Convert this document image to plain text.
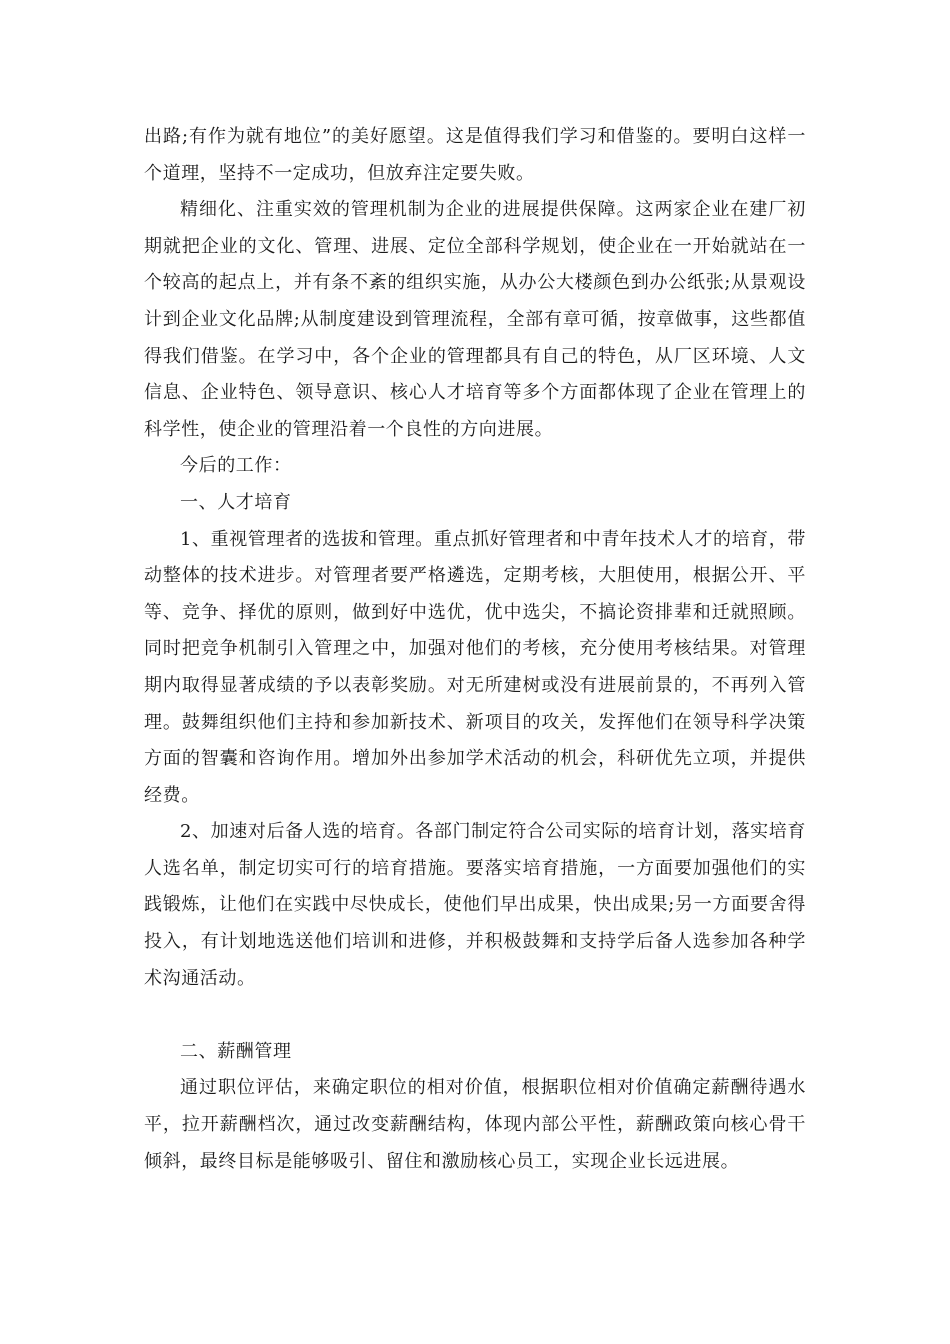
出路;有作为就有地位”的美好愿望。这是值得我们学习和借鉴的。要明白这样一个道理，坚持不一定成功，但放弃注定要失败。

精细化、注重实效的管理机制为企业的进展提供保障。这两家企业在建厂初期就把企业的文化、管理、进展、定位全部科学规划，使企业在一开始就站在一个较高的起点上，并有条不紊的组织实施，从办公大楼颜色到办公纸张;从景观设计到企业文化品牌;从制度建设到管理流程，全部有章可循，按章做事，这些都值得我们借鉴。在学习中，各个企业的管理都具有自己的特色，从厂区环境、人文信息、企业特色、领导意识、核心人才培育等多个方面都体现了企业在管理上的科学性，使企业的管理沿着一个良性的方向进展。

今后的工作：

一、人才培育

1、重视管理者的选拔和管理。重点抓好管理者和中青年技术人才的培育，带动整体的技术进步。对管理者要严格遴选，定期考核，大胆使用，根据公开、平等、竞争、择优的原则，做到好中选优，优中选尖，不搞论资排辈和迁就照顾。同时把竞争机制引入管理之中，加强对他们的考核，充分使用考核结果。对管理期内取得显著成绩的予以表彰奖励。对无所建树或没有进展前景的，不再列入管理。鼓舞组织他们主持和参加新技术、新项目的攻关，发挥他们在领导科学决策方面的智囊和咨询作用。增加外出参加学术活动的机会，科研优先立项，并提供经费。

2、加速对后备人选的培育。各部门制定符合公司实际的培育计划，落实培育人选名单，制定切实可行的培育措施。要落实培育措施，一方面要加强他们的实践锻炼，让他们在实践中尽快成长，使他们早出成果，快出成果;另一方面要舍得投入，有计划地选送他们培训和进修，并积极鼓舞和支持学后备人选参加各种学术沟通活动。

二、薪酬管理

通过职位评估，来确定职位的相对价值，根据职位相对价值确定薪酬待遇水平，拉开薪酬档次，通过改变薪酬结构，体现内部公平性，薪酬政策向核心骨干倾斜，最终目标是能够吸引、留住和激励核心员工，实现企业长远进展。
